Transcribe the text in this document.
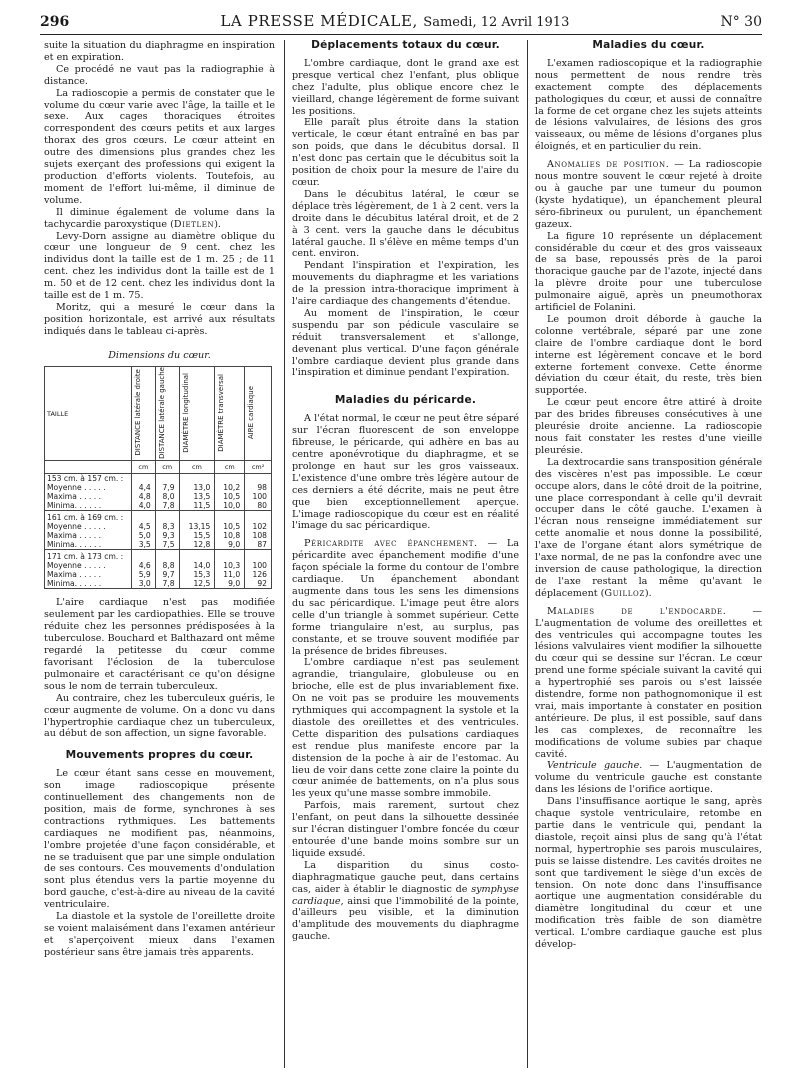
296	LA PRESSE MÉDICALE, Samedi, 12 Avril 1913	N° 30

suite la situation du diaphragme en inspiration et en expiration.

Ce procédé ne vaut pas la radiographie à distance.

La radioscopie a permis de constater que le volume du cœur varie avec l'âge, la taille et le sexe. Aux cages thoraciques étroites correspondent des cœurs petits et aux larges thorax des gros cœurs. Le cœur atteint en outre des dimensions plus grandes chez les sujets exerçant des professions qui exigent la production d'efforts violents. Toutefois, au moment de l'effort lui-même, il diminue de volume.

Il diminue également de volume dans la tachycardie paroxystique (Dietlen).

Levy-Dorn assigne au diamètre oblique du cœur une longueur de 9 cent. chez les individus dont la taille est de 1 m. 25 ; de 11 cent. chez les individus dont la taille est de 1 m. 50 et de 12 cent. chez les individus dont la taille est de 1 m. 75.

Moritz, qui a mesuré le cœur dans la position horizontale, est arrivé aux résultats indiqués dans le tableau ci-après.

Dimensions du cœur.
TAILLE	DISTANCE latérale droite	DISTANCE latérale gauche	DIAMÈTRE longitudinal	DIAMÈTRE transversal	AIRE cardiaque
	cm	cm	cm	cm	cm²
153 cm. à 157 cm. :					
Moyenne . . . . .	4,4	7,9	13,0	10,2	98
Maxima . . . . .	4,8	8,0	13,5	10,5	100
Minima. . . . . .	4,0	7,8	11,5	10,0	80
161 cm. à 169 cm. :					
Moyenne . . . . .	4,5	8,3	13,15	10,5	102
Maxima . . . . .	5,0	9,3	15,5	10,8	108
Minima. . . . . .	3,5	7,5	12,8	9,0	87
171 cm. à 173 cm. :					
Moyenne . . . . .	4,6	8,8	14,0	10,3	100
Maxima . . . . .	5,9	9,7	15,3	11,0	126
Minima. . . . . .	3,0	7,8	12,5	9,0	92

L'aire cardiaque n'est pas modifiée seulement par les cardiopathies. Elle se trouve réduite chez les personnes prédisposées à la tuberculose. Bouchard et Balthazard ont même regardé la petitesse du cœur comme favorisant l'éclosion de la tuberculose pulmonaire et caractérisant ce qu'on désigne sous le nom de terrain tuberculeux.

Au contraire, chez les tuberculeux guéris, le cœur augmente de volume. On a donc vu dans l'hypertrophie cardiaque chez un tuberculeux, au début de son affection, un signe favorable.

Mouvements propres du cœur.

Le cœur étant sans cesse en mouvement, son image radioscopique présente continuellement des changements non de position, mais de forme, synchrones à ses contractions rythmiques. Les battements cardiaques ne modifient pas, néanmoins, l'ombre projetée d'une façon considérable, et ne se traduisent que par une simple ondulation de ses contours. Ces mouvements d'ondulation sont plus étendus vers la partie moyenne du bord gauche, c'est-à-dire au niveau de la cavité ventriculaire.

La diastole et la systole de l'oreillette droite se voient malaisément dans l'examen antérieur et s'aperçoivent mieux dans l'examen postérieur sans être jamais très apparents.

Déplacements totaux du cœur.

L'ombre cardiaque, dont le grand axe est presque vertical chez l'enfant, plus oblique chez l'adulte, plus oblique encore chez le vieillard, change légèrement de forme suivant les positions.

Elle paraît plus étroite dans la station verticale, le cœur étant entraîné en bas par son poids, que dans le décubitus dorsal. Il n'est donc pas certain que le décubitus soit la position de choix pour la mesure de l'aire du cœur.

Dans le décubitus latéral, le cœur se déplace très légèrement, de 1 à 2 cent. vers la droite dans le décubitus latéral droit, et de 2 à 3 cent. vers la gauche dans le décubitus latéral gauche. Il s'élève en même temps d'un cent. environ.

Pendant l'inspiration et l'expiration, les mouvements du diaphragme et les variations de la pression intra-thoracique impriment à l'aire cardiaque des changements d'étendue.

Au moment de l'inspiration, le cœur suspendu par son pédicule vasculaire se réduit transversalement et s'allonge, devenant plus vertical. D'une façon générale l'ombre cardiaque devient plus grande dans l'inspiration et diminue pendant l'expiration.

Maladies du péricarde.

A l'état normal, le cœur ne peut être séparé sur l'écran fluorescent de son enveloppe fibreuse, le péricarde, qui adhère en bas au centre aponévrotique du diaphragme, et se prolonge en haut sur les gros vaisseaux. L'existence d'une ombre très légère autour de ces derniers a été décrite, mais ne peut être que bien exceptionnellement aperçue. L'image radioscopique du cœur est en réalité l'image du sac péricardique.

Péricardite avec épanchement. — La péricardite avec épanchement modifie d'une façon spéciale la forme du contour de l'ombre cardiaque. Un épanchement abondant augmente dans tous les sens les dimensions du sac péricardique. L'image peut être alors celle d'un triangle à sommet supérieur. Cette forme triangulaire n'est, au surplus, pas constante, et se trouve souvent modifiée par la présence de brides fibreuses.

L'ombre cardiaque n'est pas seulement agrandie, triangulaire, globuleuse ou en brioche, elle est de plus invariablement fixe. On ne voit pas se produire les mouvements rythmiques qui accompagnent la systole et la diastole des oreillettes et des ventricules. Cette disparition des pulsations cardiaques est rendue plus manifeste encore par la distension de la poche à air de l'estomac. Au lieu de voir dans cette zone claire la pointe du cœur animée de battements, on n'a plus sous les yeux qu'une masse sombre immobile.

Parfois, mais rarement, surtout chez l'enfant, on peut dans la silhouette dessinée sur l'écran distinguer l'ombre foncée du cœur entourée d'une bande moins sombre sur un liquide exsudé.

La disparition du sinus costo-diaphragmatique gauche peut, dans certains cas, aider à établir le diagnostic de symphyse cardiaque, ainsi que l'immobilité de la pointe, d'ailleurs peu visible, et la diminution d'amplitude des mouvements du diaphragme gauche.

Maladies du cœur.

L'examen radioscopique et la radiographie nous permettent de nous rendre très exactement compte des déplacements pathologiques du cœur, et aussi de connaître la forme de cet organe chez les sujets atteints de lésions valvulaires, de lésions des gros vaisseaux, ou même de lésions d'organes plus éloignés, et en particulier du rein.

Anomalies de position. — La radioscopie nous montre souvent le cœur rejeté à droite ou à gauche par une tumeur du poumon (kyste hydatique), un épanchement pleural séro-fibrineux ou purulent, un épanchement gazeux.

La figure 10 représente un déplacement considérable du cœur et des gros vaisseaux de sa base, repoussés près de la paroi thoracique gauche par de l'azote, injecté dans la plèvre droite pour une tuberculose pulmonaire aiguë, après un pneumothorax artificiel de Folanini.

Le poumon droit déborde à gauche la colonne vertébrale, séparé par une zone claire de l'ombre cardiaque dont le bord interne est légèrement concave et le bord externe fortement convexe. Cette énorme déviation du cœur était, du reste, très bien supportée.

Le cœur peut encore être attiré à droite par des brides fibreuses consécutives à une pleurésie droite ancienne. La radioscopie nous fait constater les restes d'une vieille pleurésie.

La dextrocardie sans transposition générale des viscères n'est pas impossible. Le cœur occupe alors, dans le côté droit de la poitrine, une place correspondant à celle qu'il devrait occuper dans le côté gauche. L'examen à l'écran nous renseigne immédiatement sur cette anomalie et nous donne la possibilité, l'axe de l'organe étant alors symétrique de l'axe normal, de ne pas la confondre avec une inversion de cause pathologique, la direction de l'axe restant la même qu'avant le déplacement (Guilloz).

Maladies de l'endocarde. — L'augmentation de volume des oreillettes et des ventricules qui accompagne toutes les lésions valvulaires vient modifier la silhouette du cœur qui se dessine sur l'écran. Le cœur prend une forme spéciale suivant la cavité qui a hypertrophié ses parois ou s'est laissée distendre, forme non pathognomonique il est vrai, mais importante à constater en position antérieure. De plus, il est possible, sauf dans les cas complexes, de reconnaître les modifications de volume subies par chaque cavité.

Ventricule gauche. — L'augmentation de volume du ventricule gauche est constante dans les lésions de l'orifice aortique.

Dans l'insuffisance aortique le sang, après chaque systole ventriculaire, retombe en partie dans le ventricule qui, pendant la diastole, reçoit ainsi plus de sang qu'à l'état normal, hypertrophie ses parois musculaires, puis se laisse distendre. Les cavités droites ne sont que tardivement le siège d'un excès de tension. On note donc dans l'insuffisance aortique une augmentation considérable du diamètre longitudinal du cœur et une modification très faible de son diamètre vertical. L'ombre cardiaque gauche est plus dévelop-
